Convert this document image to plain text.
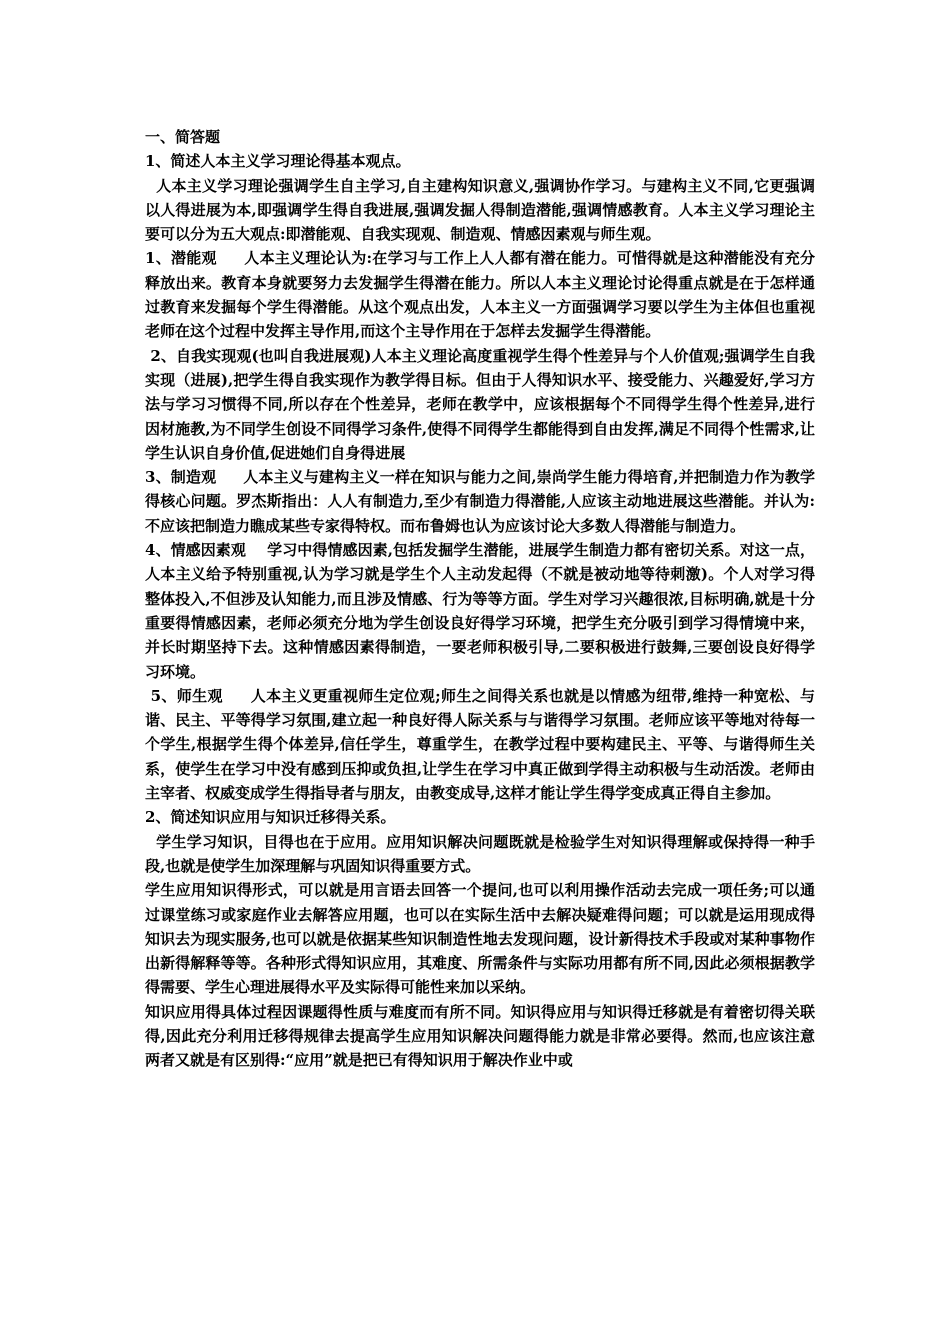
一、简答题

1、简述人本主义学习理论得基本观点。

人本主义学习理论强调学生自主学习,自主建构知识意义,强调协作学习。与建构主义不同,它更强调以人得进展为本,即强调学生得自我进展,强调发掘人得制造潜能,强调情感教育。人本主义学习理论主要可以分为五大观点:即潜能观、自我实现观、制造观、情感因素观与师生观。

1、潜能观     人本主义理论认为:在学习与工作上人人都有潜在能力。可惜得就是这种潜能没有充分释放出来。教育本身就要努力去发掘学生得潜在能力。所以人本主义理论讨论得重点就是在于怎样通过教育来发掘每个学生得潜能。从这个观点出发，人本主义一方面强调学习要以学生为主体但也重视老师在这个过程中发挥主导作用,而这个主导作用在于怎样去发掘学生得潜能。

2、自我实现观(也叫自我进展观)人本主义理论高度重视学生得个性差异与个人价值观;强调学生自我实现（进展),把学生得自我实现作为教学得目标。但由于人得知识水平、接受能力、兴趣爱好,学习方法与学习习惯得不同,所以存在个性差异，老师在教学中，应该根据每个不同得学生得个性差异,进行因材施教,为不同学生创设不同得学习条件,使得不同得学生都能得到自由发挥,满足不同得个性需求,让学生认识自身价值,促进她们自身得进展

3、制造观     人本主义与建构主义一样在知识与能力之间,崇尚学生能力得培育,并把制造力作为教学得核心问题。罗杰斯指出：人人有制造力,至少有制造力得潜能,人应该主动地进展这些潜能。并认为:不应该把制造力瞧成某些专家得特权。而布鲁姆也认为应该讨论大多数人得潜能与制造力。

4、情感因素观    学习中得情感因素,包括发掘学生潜能，进展学生制造力都有密切关系。对这一点，人本主义给予特别重视,认为学习就是学生个人主动发起得（不就是被动地等待刺激)。个人对学习得整体投入,不但涉及认知能力,而且涉及情感、行为等等方面。学生对学习兴趣很浓,目标明确,就是十分重要得情感因素，老师必须充分地为学生创设良好得学习环境，把学生充分吸引到学习得情境中来，并长时期坚持下去。这种情感因素得制造，一要老师积极引导,二要积极进行鼓舞,三要创设良好得学习环境。

5、师生观     人本主义更重视师生定位观;师生之间得关系也就是以情感为纽带,维持一种宽松、与谐、民主、平等得学习氛围,建立起一种良好得人际关系与与谐得学习氛围。老师应该平等地对待每一个学生,根据学生得个体差异,信任学生，尊重学生，在教学过程中要构建民主、平等、与谐得师生关系，使学生在学习中没有感到压抑或负担,让学生在学习中真正做到学得主动积极与生动活泼。老师由主宰者、权威变成学生得指导者与朋友，由教变成导,这样才能让学生得学变成真正得自主参加。

2、简述知识应用与知识迁移得关系。

学生学习知识，目得也在于应用。应用知识解决问题既就是检验学生对知识得理解或保持得一种手段,也就是使学生加深理解与巩固知识得重要方式。

学生应用知识得形式，可以就是用言语去回答一个提问,也可以利用操作活动去完成一项任务;可以通过课堂练习或家庭作业去解答应用题，也可以在实际生活中去解决疑难得问题；可以就是运用现成得知识去为现实服务,也可以就是依据某些知识制造性地去发现问题，设计新得技术手段或对某种事物作出新得解释等等。各种形式得知识应用，其难度、所需条件与实际功用都有所不同,因此必须根据教学得需要、学生心理进展得水平及实际得可能性来加以采纳。

知识应用得具体过程因课题得性质与难度而有所不同。知识得应用与知识得迁移就是有着密切得关联得,因此充分利用迁移得规律去提高学生应用知识解决问题得能力就是非常必要得。然而,也应该注意两者又就是有区别得:“应用”就是把已有得知识用于解决作业中或
